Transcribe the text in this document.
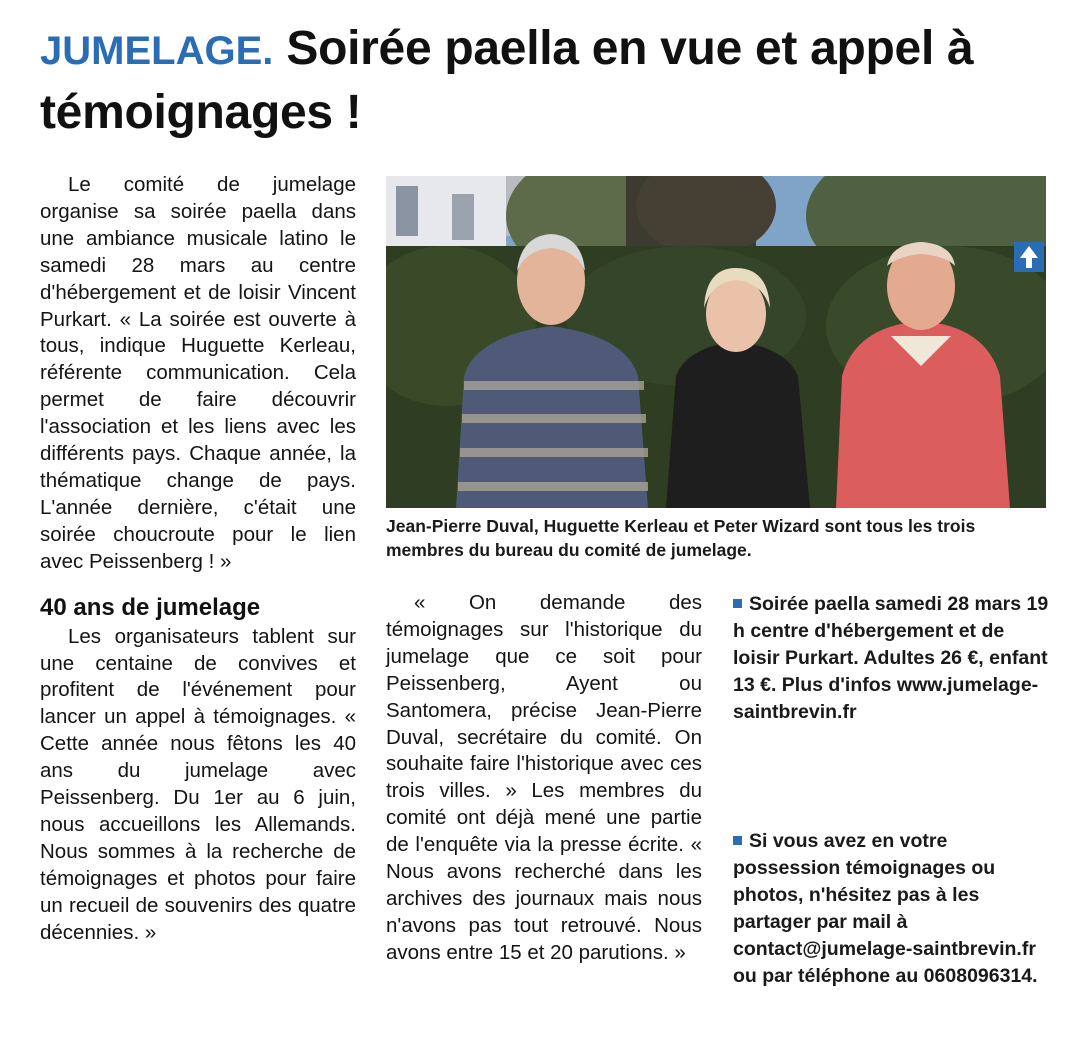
JUMELAGE. Soirée paella en vue et appel à témoignages !

Le comité de jumelage organise sa soirée paella dans une ambiance musicale latino le samedi 28 mars au centre d'hébergement et de loisir Vincent Purkart. « La soirée est ouverte à tous, indique Huguette Kerleau, référente communication. Cela permet de faire découvrir l'association et les liens avec les différents pays. Chaque année, la thématique change de pays. L'année dernière, c'était une soirée choucroute pour le lien avec Peissenberg ! »

40 ans de jumelage

Les organisateurs tablent sur une centaine de convives et profitent de l'événement pour lancer un appel à témoignages. « Cette année nous fêtons les 40 ans du jumelage avec Peissenberg. Du 1er au 6 juin, nous accueillons les Allemands. Nous sommes à la recherche de témoignages et photos pour faire un recueil de souvenirs des quatre décennies. »

Jean-Pierre Duval, Huguette Kerleau et Peter Wizard sont tous les trois membres du bureau du comité de jumelage.

« On demande des témoignages sur l'historique du jumelage que ce soit pour Peissenberg, Ayent ou Santomera, précise Jean-Pierre Duval, secrétaire du comité. On souhaite faire l'historique avec ces trois villes. » Les membres du comité ont déjà mené une partie de l'enquête via la presse écrite. « Nous avons recherché dans les archives des journaux mais nous n'avons pas tout retrouvé. Nous avons entre 15 et 20 parutions. »

Soirée paella samedi 28 mars 19 h centre d'hébergement et de loisir Purkart. Adultes 26 €, enfant 13 €. Plus d'infos www.jumelage-saintbrevin.fr
Si vous avez en votre possession témoignages ou photos, n'hésitez pas à les partager par mail à contact@jumelage-saintbrevin.fr ou par téléphone au 0608096314.
